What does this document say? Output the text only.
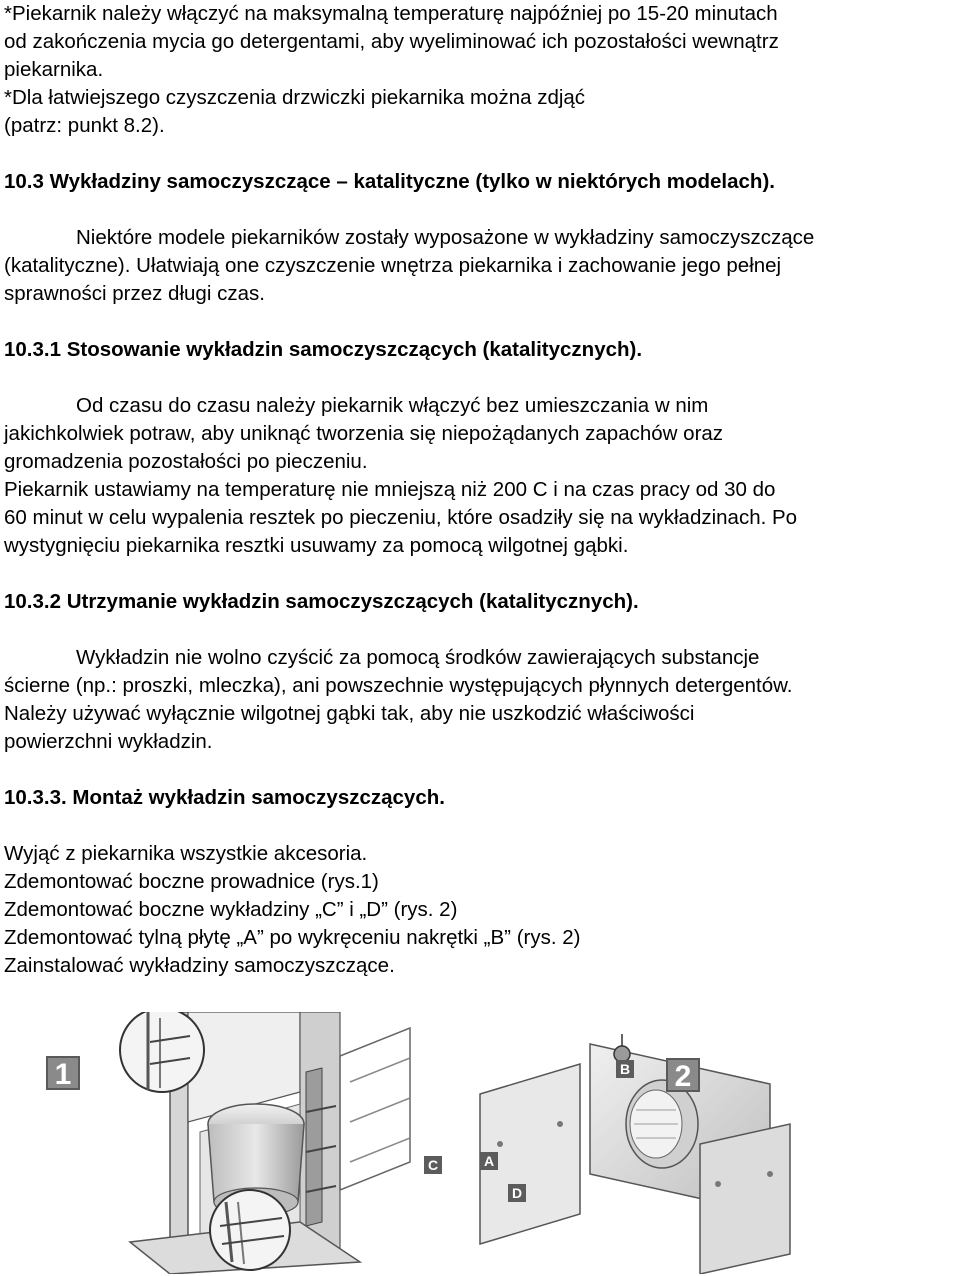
*Piekarnik należy włączyć na maksymalną temperaturę najpóźniej po 15-20 minutach

od zakończenia mycia go detergentami, aby wyeliminować ich pozostałości wewnątrz

piekarnika.

*Dla łatwiejszego czyszczenia drzwiczki piekarnika można zdjąć

(patrz: punkt 8.2).

10.3 Wykładziny samoczyszczące – katalityczne (tylko w niektórych modelach).

Niektóre modele piekarników zostały wyposażone w wykładziny samoczyszczące

(katalityczne). Ułatwiają one czyszczenie wnętrza piekarnika i zachowanie jego pełnej

sprawności przez długi czas.

10.3.1 Stosowanie wykładzin samoczyszczących (katalitycznych).

Od czasu do czasu należy piekarnik włączyć bez umieszczania w nim

jakichkolwiek potraw, aby uniknąć tworzenia się niepożądanych zapachów oraz

gromadzenia pozostałości po pieczeniu.

Piekarnik ustawiamy na temperaturę nie mniejszą niż 200 C i na czas pracy od 30 do

60 minut w celu wypalenia resztek po pieczeniu, które osadziły się na wykładzinach. Po

wystygnięciu piekarnika resztki usuwamy za pomocą wilgotnej gąbki.

10.3.2 Utrzymanie wykładzin samoczyszczących (katalitycznych).

Wykładzin nie wolno czyścić za pomocą środków zawierających substancje

ścierne (np.: proszki, mleczka), ani powszechnie występujących płynnych detergentów.

Należy używać wyłącznie wilgotnej gąbki tak, aby nie uszkodzić właściwości

powierzchni wykładzin.

10.3.3. Montaż wykładzin samoczyszczących.

Wyjąć z piekarnika wszystkie akcesoria.

Zdemontować boczne prowadnice (rys.1)

Zdemontować boczne wykładziny „C” i „D” (rys. 2)

Zdemontować tylną płytę „A” po wykręceniu nakrętki „B” (rys. 2)

Zainstalować wykładziny samoczyszczące.

1	B
C	A
D
2
